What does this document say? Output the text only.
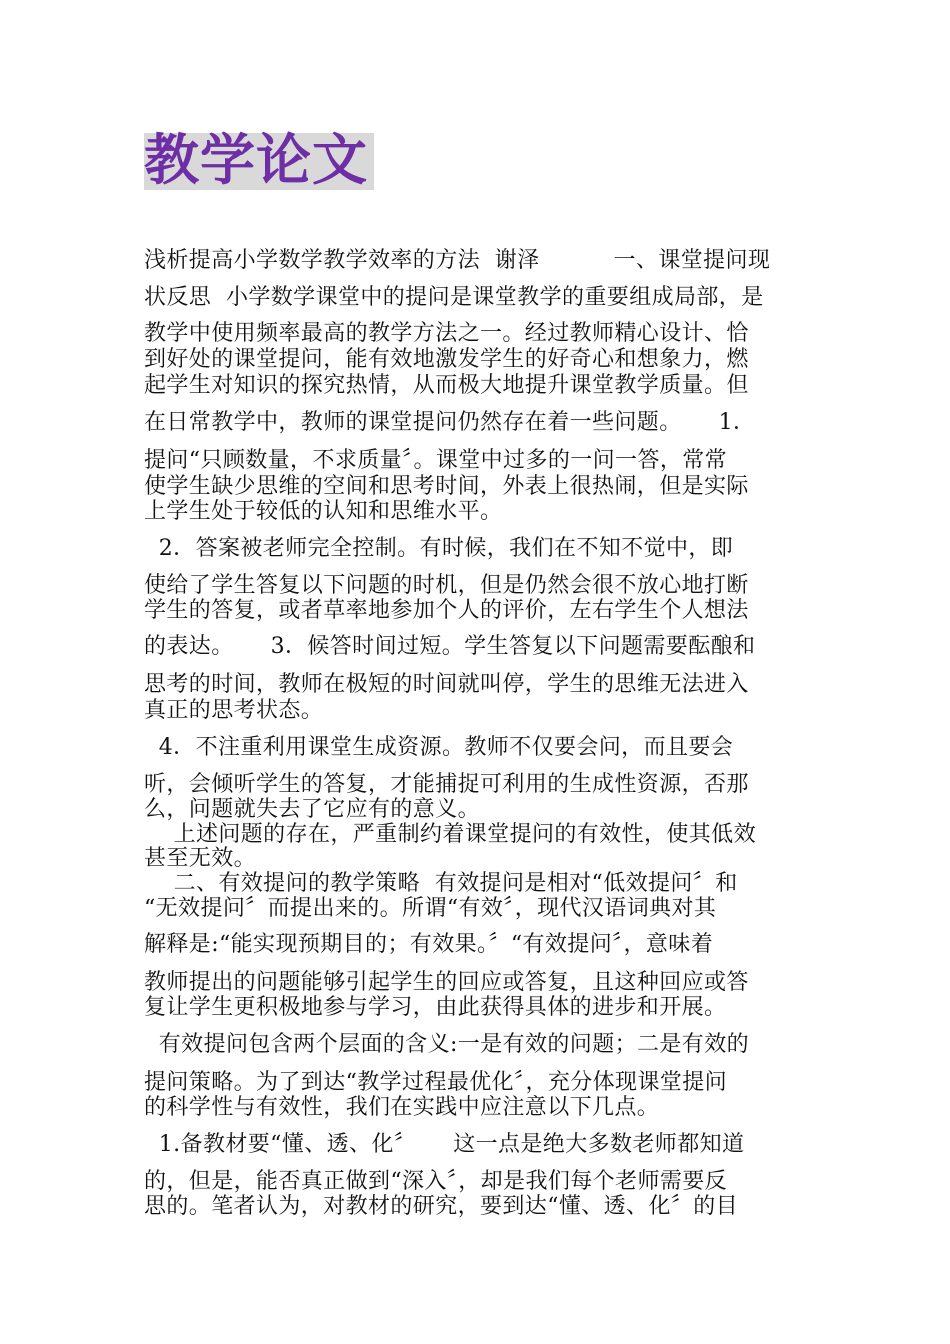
教学论文
浅析提高小学数学教学效率的方法  谢泽          一、课堂提问现
状反思  小学数学课堂中的提问是课堂教学的重要组成局部，是
教学中使用频率最高的教学方法之一。经过教师精心设计、恰
到好处的课堂提问，能有效地激发学生的好奇心和想象力，燃
起学生对知识的探究热情，从而极大地提升课堂教学质量。但
在日常教学中，教师的课堂提问仍然存在着一些问题。     1．
提问“只顾数量，不求质量〞。课堂中过多的一问一答，常常
使学生缺少思维的空间和思考时间，外表上很热闹，但是实际
上学生处于较低的认知和思维水平。
2．答案被老师完全控制。有时候，我们在不知不觉中，即
使给了学生答复以下问题的时机，但是仍然会很不放心地打断
学生的答复，或者草率地参加个人的评价，左右学生个人想法
的表达。     3．候答时间过短。学生答复以下问题需要酝酿和
思考的时间，教师在极短的时间就叫停，学生的思维无法进入
真正的思考状态。
4．不注重利用课堂生成资源。教师不仅要会问，而且要会
听，会倾听学生的答复，才能捕捉可利用的生成性资源，否那
么，问题就失去了它应有的意义。
上述问题的存在，严重制约着课堂提问的有效性，使其低效
甚至无效。
二、有效提问的教学策略  有效提问是相对“低效提问〞和
“无效提问〞而提出来的。所谓“有效〞，现代汉语词典对其
解释是:“能实现预期目的；有效果。〞“有效提问〞，意味着
教师提出的问题能够引起学生的回应或答复，且这种回应或答
复让学生更积极地参与学习，由此获得具体的进步和开展。
有效提问包含两个层面的含义:一是有效的问题；二是有效的
提问策略。为了到达“教学过程最优化〞，充分体现课堂提问
的科学性与有效性，我们在实践中应注意以下几点。
1.备教材要“懂、透、化〞     这一点是绝大多数老师都知道
的，但是，能否真正做到“深入〞，却是我们每个老师需要反
思的。笔者认为，对教材的研究，要到达“懂、透、化〞的目
